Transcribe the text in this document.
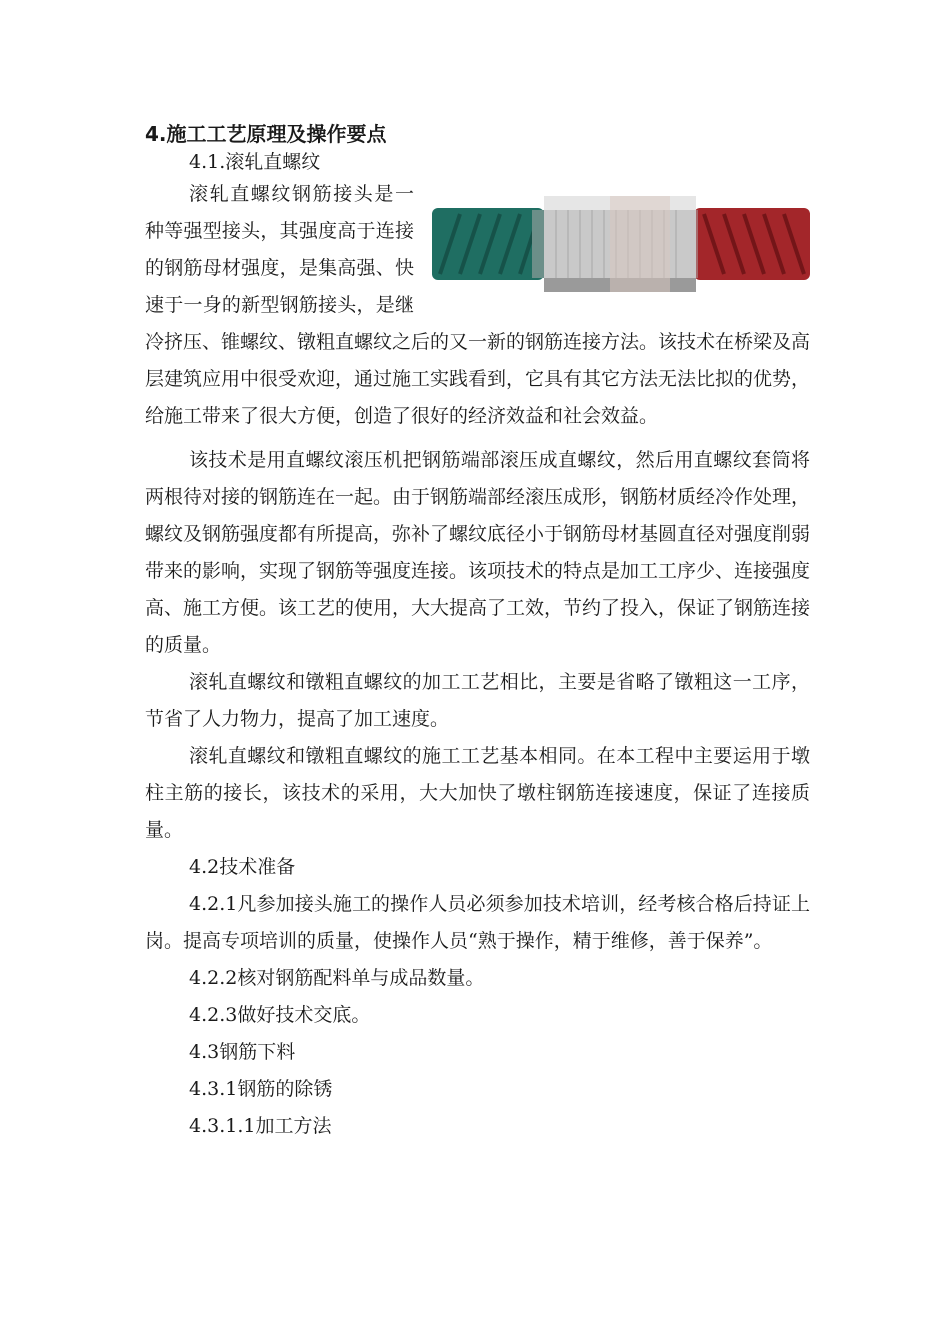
4.施工工艺原理及操作要点

4.1.滚轧直螺纹

滚轧直螺纹钢筋接头是一种等强型接头，其强度高于连接的钢筋母材强度，是集高强、快速于一身的新型钢筋接头，是继冷挤压、锥螺纹、镦粗直螺纹之后的又一新的钢筋连接方法。该技术在桥梁及高层建筑应用中很受欢迎，通过施工实践看到，它具有其它方法无法比拟的优势，给施工带来了很大方便，创造了很好的经济效益和社会效益。

该技术是用直螺纹滚压机把钢筋端部滚压成直螺纹，然后用直螺纹套筒将两根待对接的钢筋连在一起。由于钢筋端部经滚压成形，钢筋材质经冷作处理，螺纹及钢筋强度都有所提高，弥补了螺纹底径小于钢筋母材基圆直径对强度削弱带来的影响，实现了钢筋等强度连接。该项技术的特点是加工工序少、连接强度高、施工方便。该工艺的使用，大大提高了工效，节约了投入，保证了钢筋连接的质量。

滚轧直螺纹和镦粗直螺纹的加工工艺相比，主要是省略了镦粗这一工序，节省了人力物力，提高了加工速度。

滚轧直螺纹和镦粗直螺纹的施工工艺基本相同。在本工程中主要运用于墩柱主筋的接长，该技术的采用，大大加快了墩柱钢筋连接速度，保证了连接质量。

4.2技术准备

4.2.1凡参加接头施工的操作人员必须参加技术培训，经考核合格后持证上岗。提高专项培训的质量，使操作人员“熟于操作，精于维修，善于保养”。

4.2.2核对钢筋配料单与成品数量。

4.2.3做好技术交底。

4.3钢筋下料

4.3.1钢筋的除锈

4.3.1.1加工方法
